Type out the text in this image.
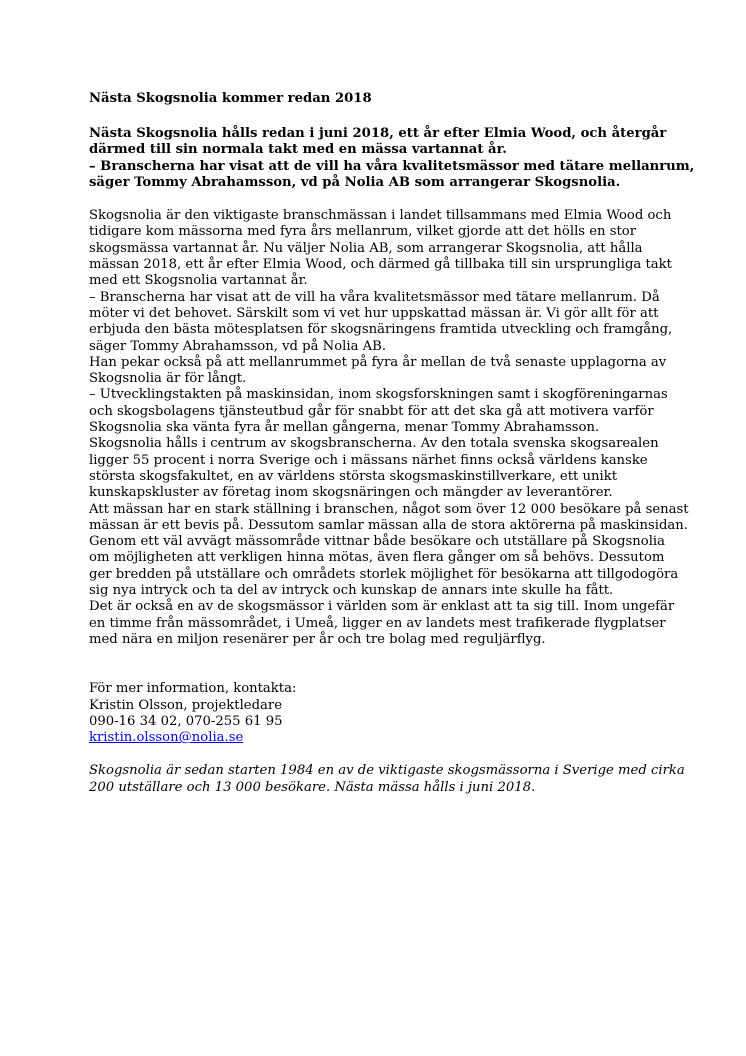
Nästa Skogsnolia kommer redan 2018
Nästa Skogsnolia hålls redan i juni 2018, ett år efter Elmia Wood, och återgår
därmed till sin normala takt med en mässa vartannat år.
– Branscherna har visat att de vill ha våra kvalitetsmässor med tätare mellanrum,
säger Tommy Abrahamsson, vd på Nolia AB som arrangerar Skogsnolia.
Skogsnolia är den viktigaste branschmässan i landet tillsammans med Elmia Wood och
tidigare kom mässorna med fyra års mellanrum, vilket gjorde att det hölls en stor
skogsmässa vartannat år. Nu väljer Nolia AB, som arrangerar Skogsnolia, att hålla
mässan 2018, ett år efter Elmia Wood, och därmed gå tillbaka till sin ursprungliga takt
med ett Skogsnolia vartannat år.
– Branscherna har visat att de vill ha våra kvalitetsmässor med tätare mellanrum. Då
möter vi det behovet. Särskilt som vi vet hur uppskattad mässan är. Vi gör allt för att
erbjuda den bästa mötesplatsen för skogsnäringens framtida utveckling och framgång,
säger Tommy Abrahamsson, vd på Nolia AB.
Han pekar också på att mellanrummet på fyra år mellan de två senaste upplagorna av
Skogsnolia är för långt.
– Utvecklingstakten på maskinsidan, inom skogsforskningen samt i skogföreningarnas
och skogsbolagens tjänsteutbud går för snabbt för att det ska gå att motivera varför
Skogsnolia ska vänta fyra år mellan gångerna, menar Tommy Abrahamsson.
Skogsnolia hålls i centrum av skogsbranscherna. Av den totala svenska skogsarealen
ligger 55 procent i norra Sverige och i mässans närhet finns också världens kanske
största skogsfakultet, en av världens största skogsmaskinstillverkare, ett unikt
kunskapskluster av företag inom skogsnäringen och mängder av leverantörer.
Att mässan har en stark ställning i branschen, något som över 12 000 besökare på senast
mässan är ett bevis på. Dessutom samlar mässan alla de stora aktörerna på maskinsidan.
Genom ett väl avvägt mässområde vittnar både besökare och utställare på Skogsnolia
om möjligheten att verkligen hinna mötas, även flera gånger om så behövs. Dessutom
ger bredden på utställare och områdets storlek möjlighet för besökarna att tillgodogöra
sig nya intryck och ta del av intryck och kunskap de annars inte skulle ha fått.
Det är också en av de skogsmässor i världen som är enklast att ta sig till. Inom ungefär
en timme från mässområdet, i Umeå, ligger en av landets mest trafikerade flygplatser
med nära en miljon resenärer per år och tre bolag med reguljärflyg.
För mer information, kontakta:
Kristin Olsson, projektledare
090-16 34 02, 070-255 61 95
kristin.olsson@nolia.se
Skogsnolia är sedan starten 1984 en av de viktigaste skogsmässorna i Sverige med cirka
200 utställare och 13 000 besökare. Nästa mässa hålls i juni 2018.
